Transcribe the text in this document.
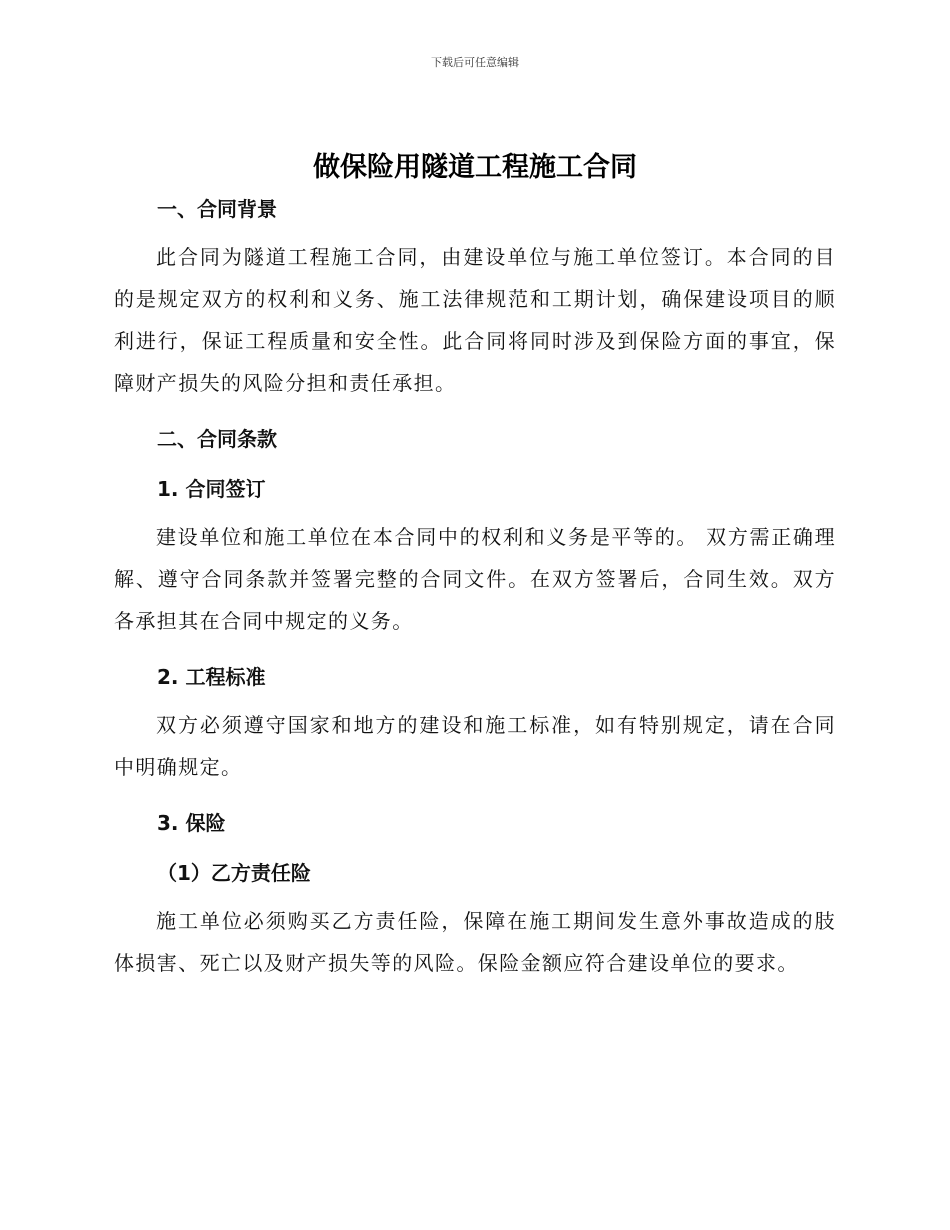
下载后可任意编辑
做保险用隧道工程施工合同
一、合同背景

此合同为隧道工程施工合同，由建设单位与施工单位签订。本合同的目的是规定双方的权利和义务、施工法律规范和工期计划，确保建设项目的顺利进行，保证工程质量和安全性。此合同将同时涉及到保险方面的事宜，保障财产损失的风险分担和责任承担。

二、合同条款
1. 合同签订

建设单位和施工单位在本合同中的权利和义务是平等的。 双方需正确理解、遵守合同条款并签署完整的合同文件。在双方签署后，合同生效。双方各承担其在合同中规定的义务。

2. 工程标准

双方必须遵守国家和地方的建设和施工标准，如有特别规定，请在合同中明确规定。

3. 保险
（1）乙方责任险

施工单位必须购买乙方责任险，保障在施工期间发生意外事故造成的肢体损害、死亡以及财产损失等的风险。保险金额应符合建设单位的要求。
